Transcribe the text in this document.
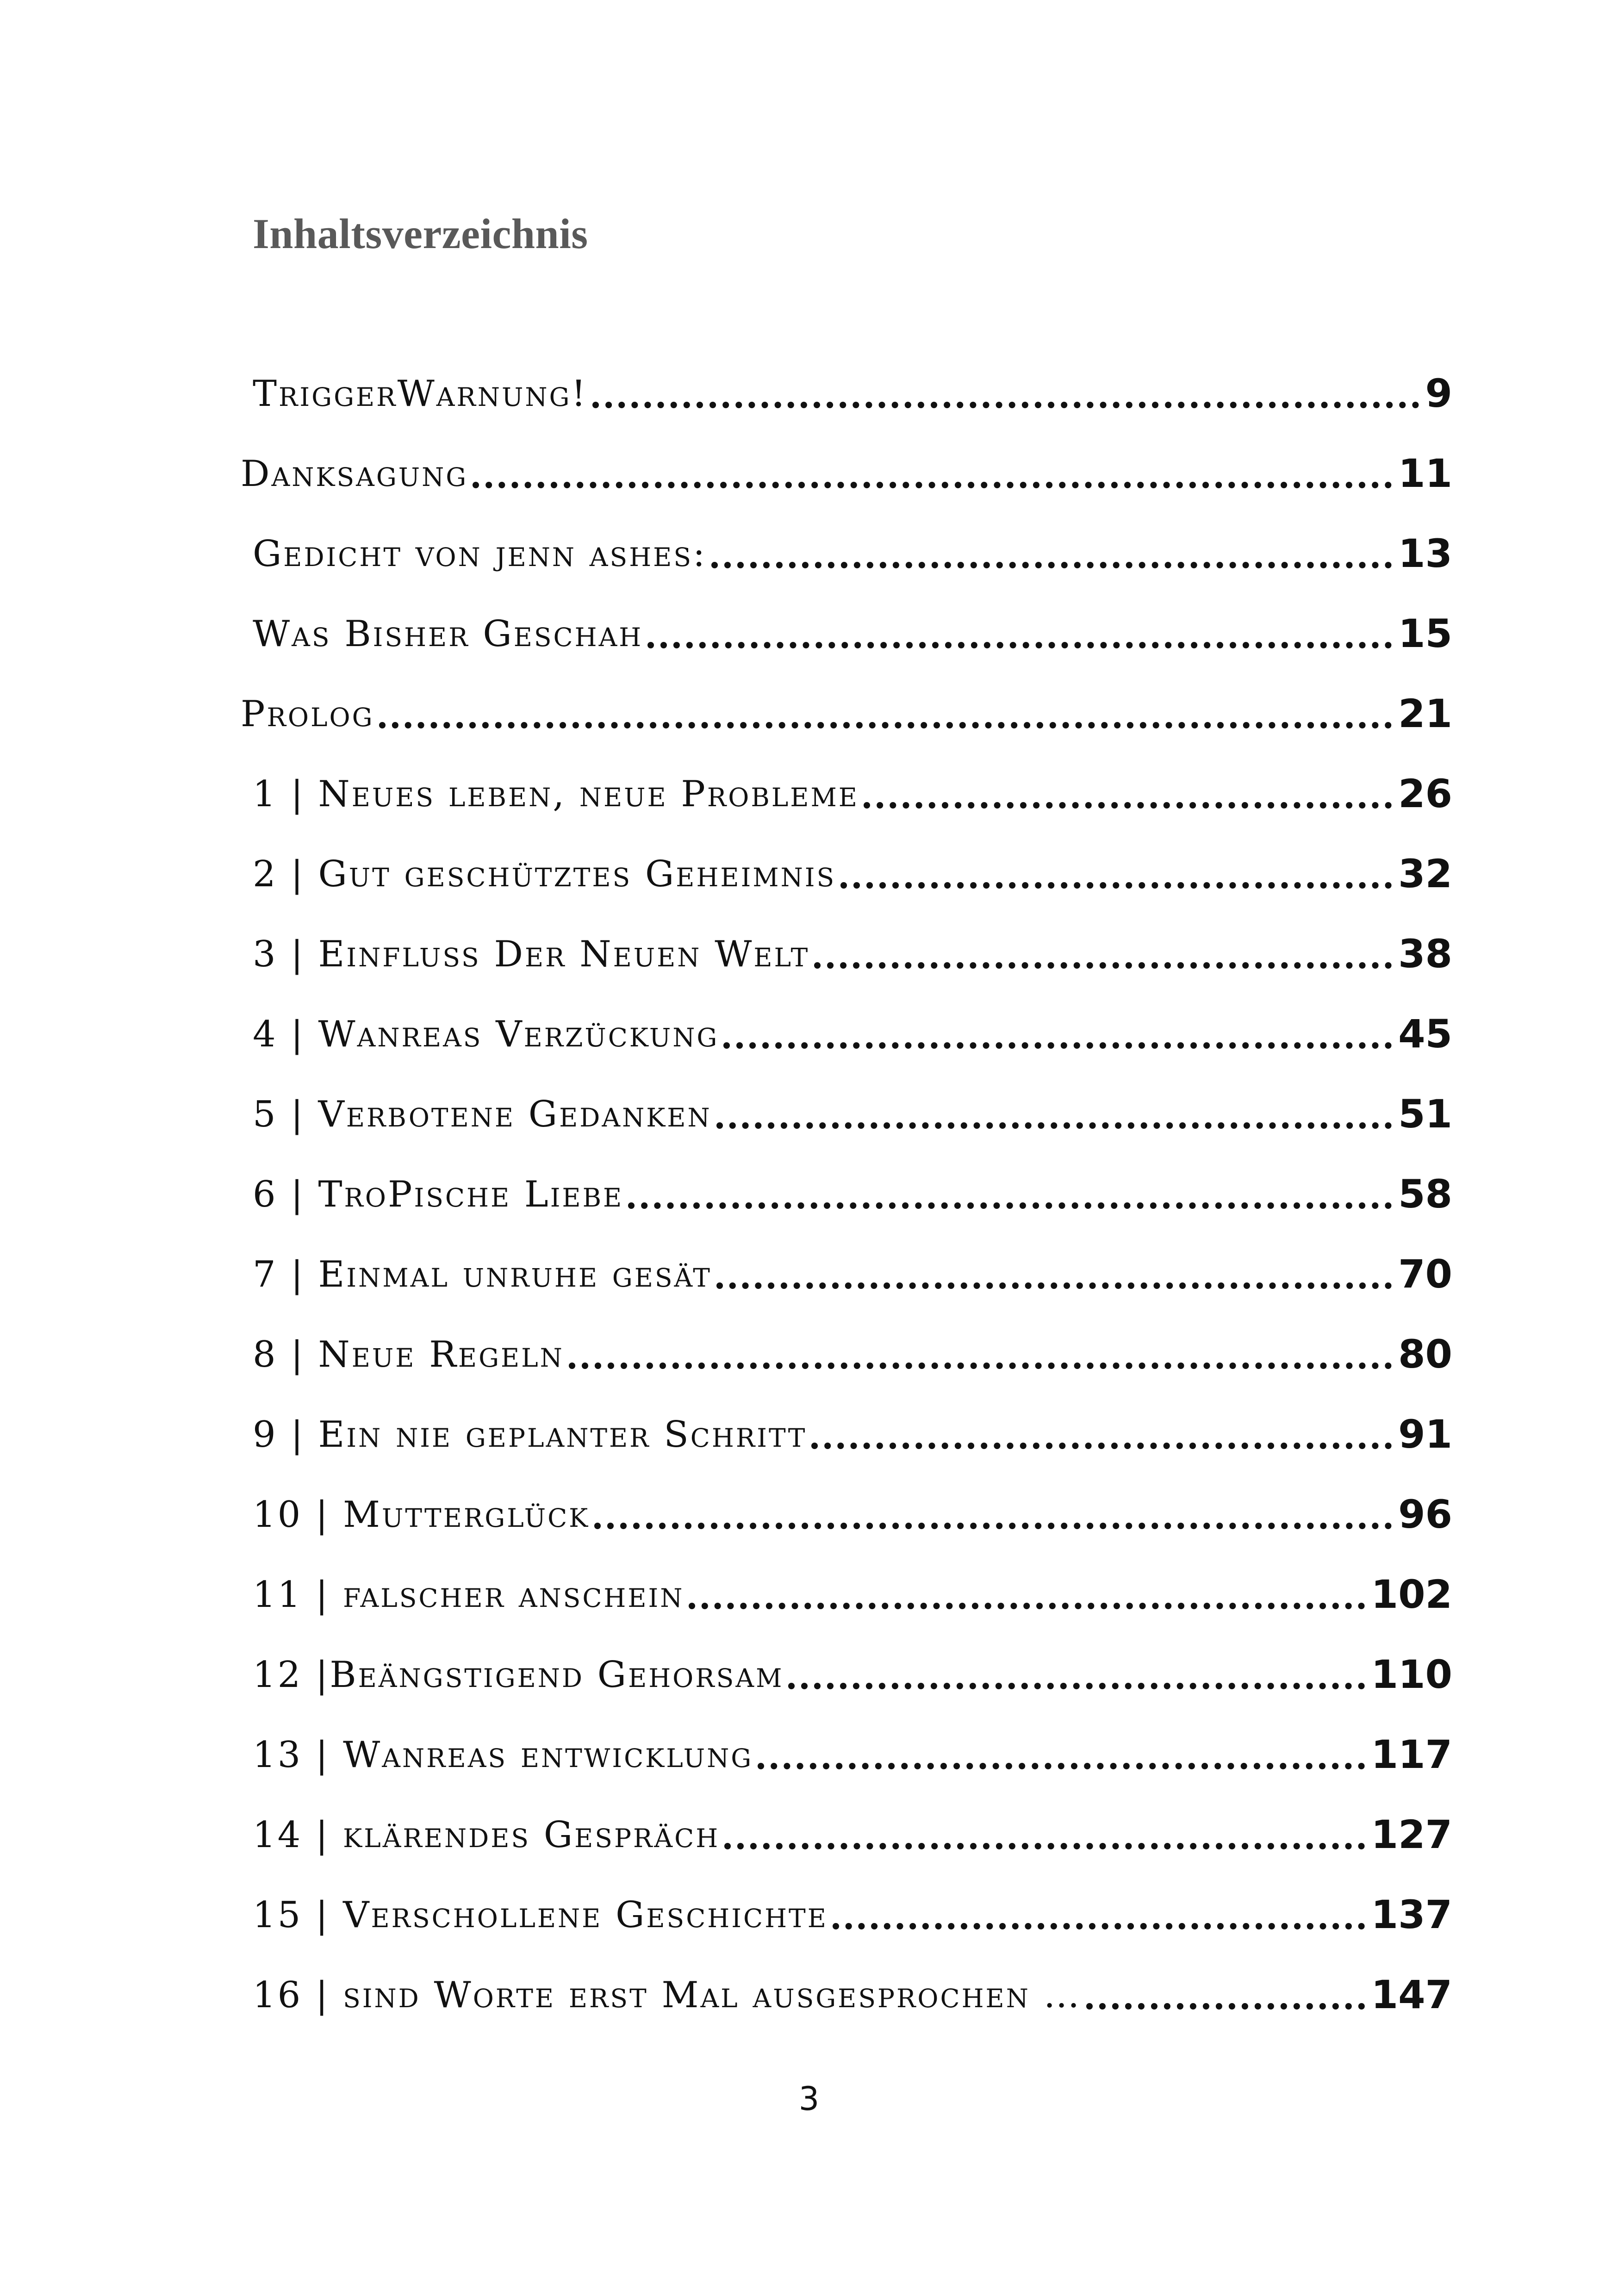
Inhaltsverzeichnis
TriggerWarnung!	9
Danksagung	11
Gedicht von jenn ashes:	13
Was Bisher Geschah	15
Prolog	21
1 | Neues leben, neue Probleme	26
2 | Gut geschütztes Geheimnis	32
3 | Einfluss Der Neuen Welt	38
4 | Wanreas Verzückung	45
5 | Verbotene Gedanken	51
6 | TroPische Liebe	58
7 | Einmal unruhe gesät	70
8 | Neue Regeln	80
9 | Ein nie geplanter Schritt	91
10 | Mutterglück	96
11 | falscher anschein	102
12 |Beängstigend Gehorsam	110
13 | Wanreas entwicklung	117
14 | klärendes Gespräch	127
15 | Verschollene Geschichte	137
16 | sind Worte erst Mal ausgesprochen …	147
3
